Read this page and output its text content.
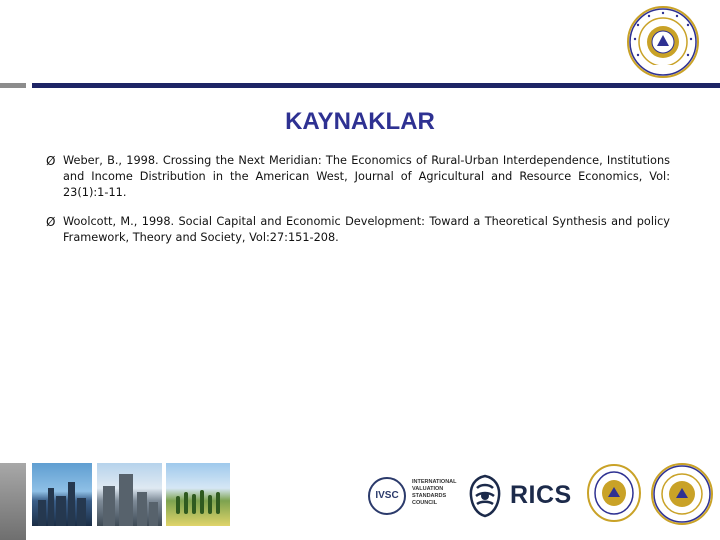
KAYNAKLAR
Ø Weber, B., 1998. Crossing the Next Meridian: The Economics of Rural-Urban Interdependence, Institutions and Income Distribution in the American West, Journal of Agricultural and Resource Economics, Vol: 23(1):1-11.
Ø Woolcott, M., 1998. Social Capital and Economic Development: Toward a Theoretical Synthesis and policy Framework, Theory and Society, Vol:27:151-208.
IVSC
INTERNATIONAL
VALUATION
STANDARDS
COUNCIL	RICS
